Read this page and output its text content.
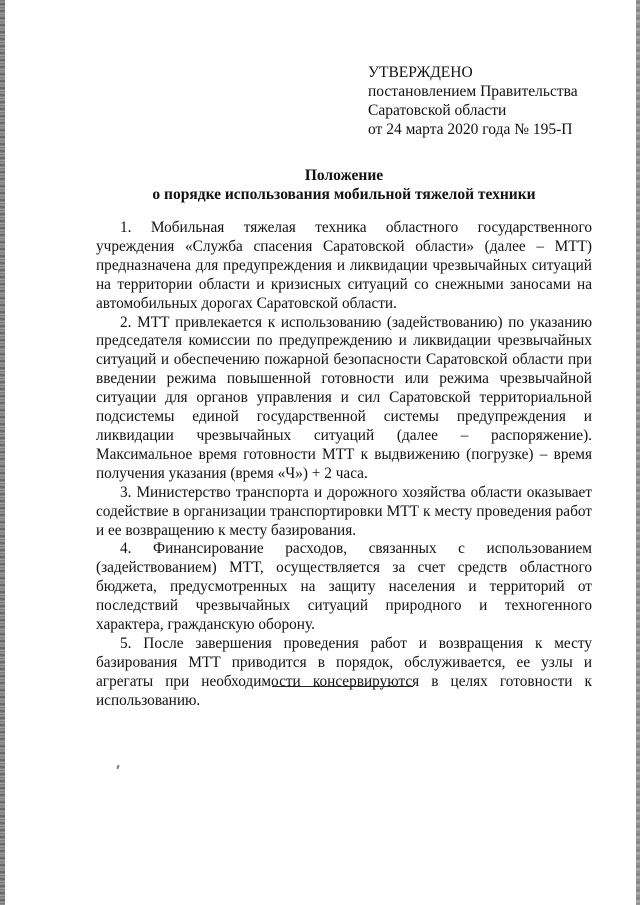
УТВЕРЖДЕНО
постановлением Правительства
Саратовской области
от 24 марта 2020 года № 195-П
Положение
о порядке использования мобильной тяжелой техники

1. Мобильная тяжелая техника областного государственного учреждения «Служба спасения Саратовской области» (далее – МТТ) предназначена для предупреждения и ликвидации чрезвычайных ситуаций на территории области и кризисных ситуаций со снежными заносами на автомобильных дорогах Саратовской области.

2. МТТ привлекается к использованию (задействованию) по указанию председателя комиссии по предупреждению и ликвидации чрезвычайных ситуаций и обеспечению пожарной безопасности Саратовской области при введении режима повышенной готовности или режима чрезвычайной ситуации для органов управления и сил Саратовской территориальной подсистемы единой государственной системы предупреждения и ликвидации чрезвычайных ситуаций (далее – распоряжение). Максимальное время готовности МТТ к выдвижению (погрузке) – время получения указания (время «Ч») + 2 часа.

3. Министерство транспорта и дорожного хозяйства области оказывает содействие в организации транспортировки МТТ к месту проведения работ и ее возвращению к месту базирования.

4. Финансирование расходов, связанных с использованием (задействованием) МТТ, осуществляется за счет средств областного бюджета, предусмотренных на защиту населения и территорий от последствий чрезвычайных ситуаций природного и техногенного характера, гражданскую оборону.

5. После завершения проведения работ и возвращения к месту базирования МТТ приводится в порядок, обслуживается, ее узлы и агрегаты при необходимости консервируются в целях готовности к использованию.
